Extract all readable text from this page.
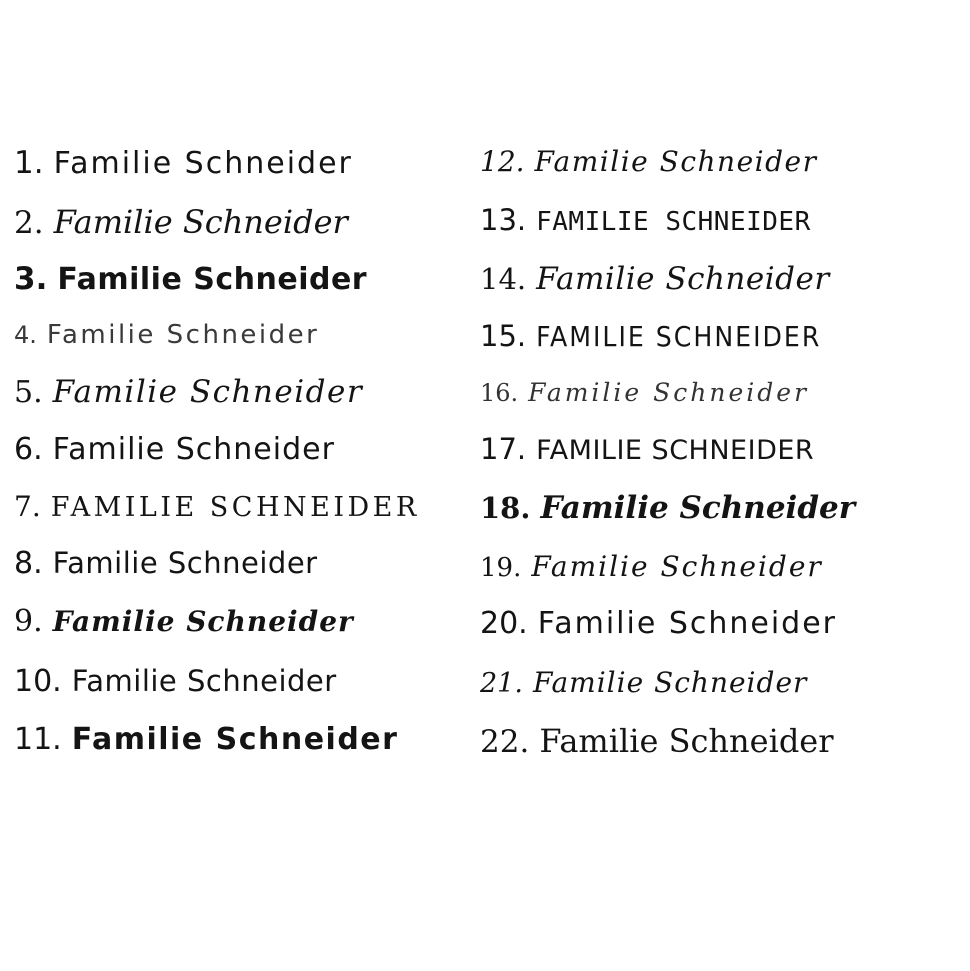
1. Familie Schneider
2. Familie Schneider
3. Familie Schneider
4. Familie Schneider
5. Familie Schneider
6. Familie Schneider
7. FAMILIE SCHNEIDER
8. Familie Schneider
9. Familie Schneider
10. Familie Schneider
11. Familie Schneider
12. Familie Schneider
13. FAMILIE SCHNEIDER
14. Familie Schneider
15. FAMILIE SCHNEIDER
16. Familie Schneider
17. FAMILIE SCHNEIDER
18. Familie Schneider
19. Familie Schneider
20. Familie Schneider
21. Familie Schneider
22. Familie Schneider
